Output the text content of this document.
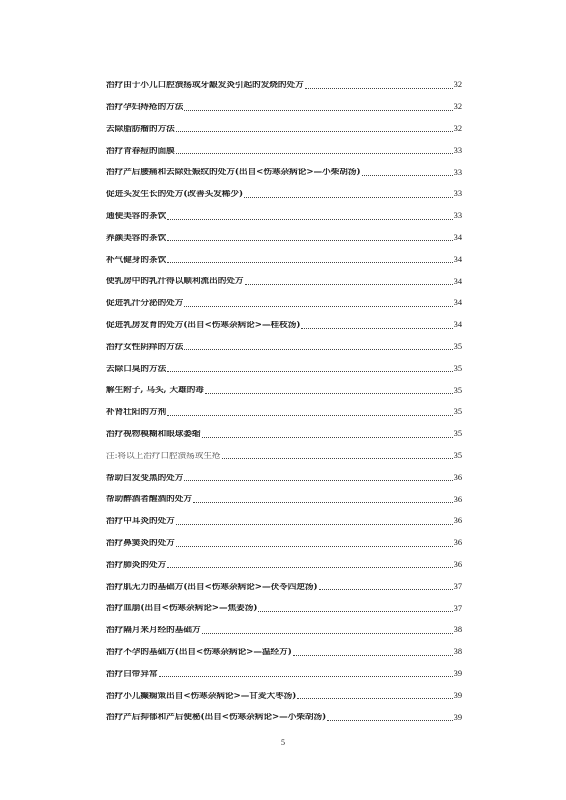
治疗由于小儿口腔溃疡或牙龈发炎引起的发烧的处方	32
治疗孕妇痔疮的方法	32
去除脂肪瘤的方法	32
治疗青春痘的面膜	33
治疗产后腰痛和去除妊娠纹的处方(出自<伤寒杂病论>—小柴胡汤)	33
促进头发生长的处方(改善头发稀少)	33
通便美容的茶饮	33
养颜美容的茶饮	34
补气健身的茶饮	34
使乳房中的乳汁得以顺利流出的处方	34
促进乳汁分泌的处方	34
促进乳房发育的处方(出自<伤寒杂病论>—桂枝汤)	34
治疗女性阴痒的方法	35
去除口臭的方法	35
解生附子, 乌头, 天雄的毒	35
补肾壮阳的方剂	35
治疗视物模糊和眼球萎缩	35
注:将以上治疗口腔溃疡或生疮	35
帮助白发变黑的处方	36
帮助醉酒者醒酒的处方	36
治疗中耳炎的处方	36
治疗鼻窦炎的处方	36
治疗肺炎的处方	36
治疗肌无力的基础方(出自<伤寒杂病论>—茯苓四逆汤)	37
治疗血崩(出自<伤寒杂病论>—焦姜汤)	37
治疗隔月来月经的基础方	38
治疗不孕的基础方(出自<伤寒杂病论>—温经方)	38
治疗白带异常	39
治疗小儿癫痫策出自<伤寒杂病论>—甘麦大枣汤)	39
治疗产后抑郁和产后便秘(出自<伤寒杂病论>—小柴胡汤)	39
5
